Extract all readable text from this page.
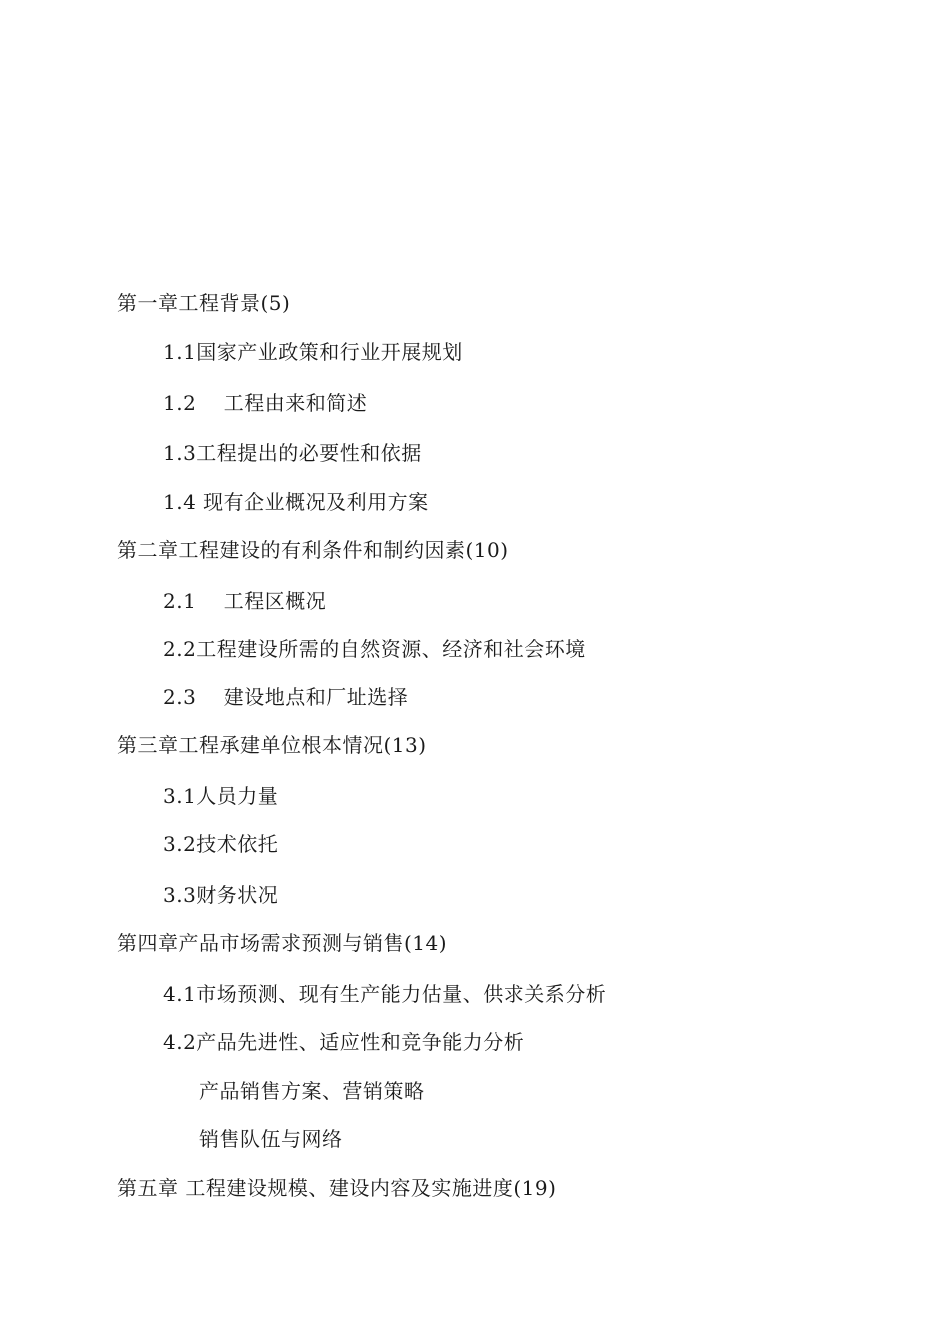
第一章工程背景(5)
1.1国家产业政策和行业开展规划
1.2    工程由来和简述
1.3工程提出的必要性和依据
1.4 现有企业概况及利用方案
第二章工程建设的有利条件和制约因素(10)
2.1    工程区概况
2.2工程建设所需的自然资源、经济和社会环境
2.3    建设地点和厂址选择
第三章工程承建单位根本情况(13)
3.1人员力量
3.2技术依托
3.3财务状况
第四章产品市场需求预测与销售(14)
4.1市场预测、现有生产能力估量、供求关系分析
4.2产品先进性、适应性和竞争能力分析
产品销售方案、营销策略
销售队伍与网络
第五章 工程建设规模、建设内容及实施进度(19)
